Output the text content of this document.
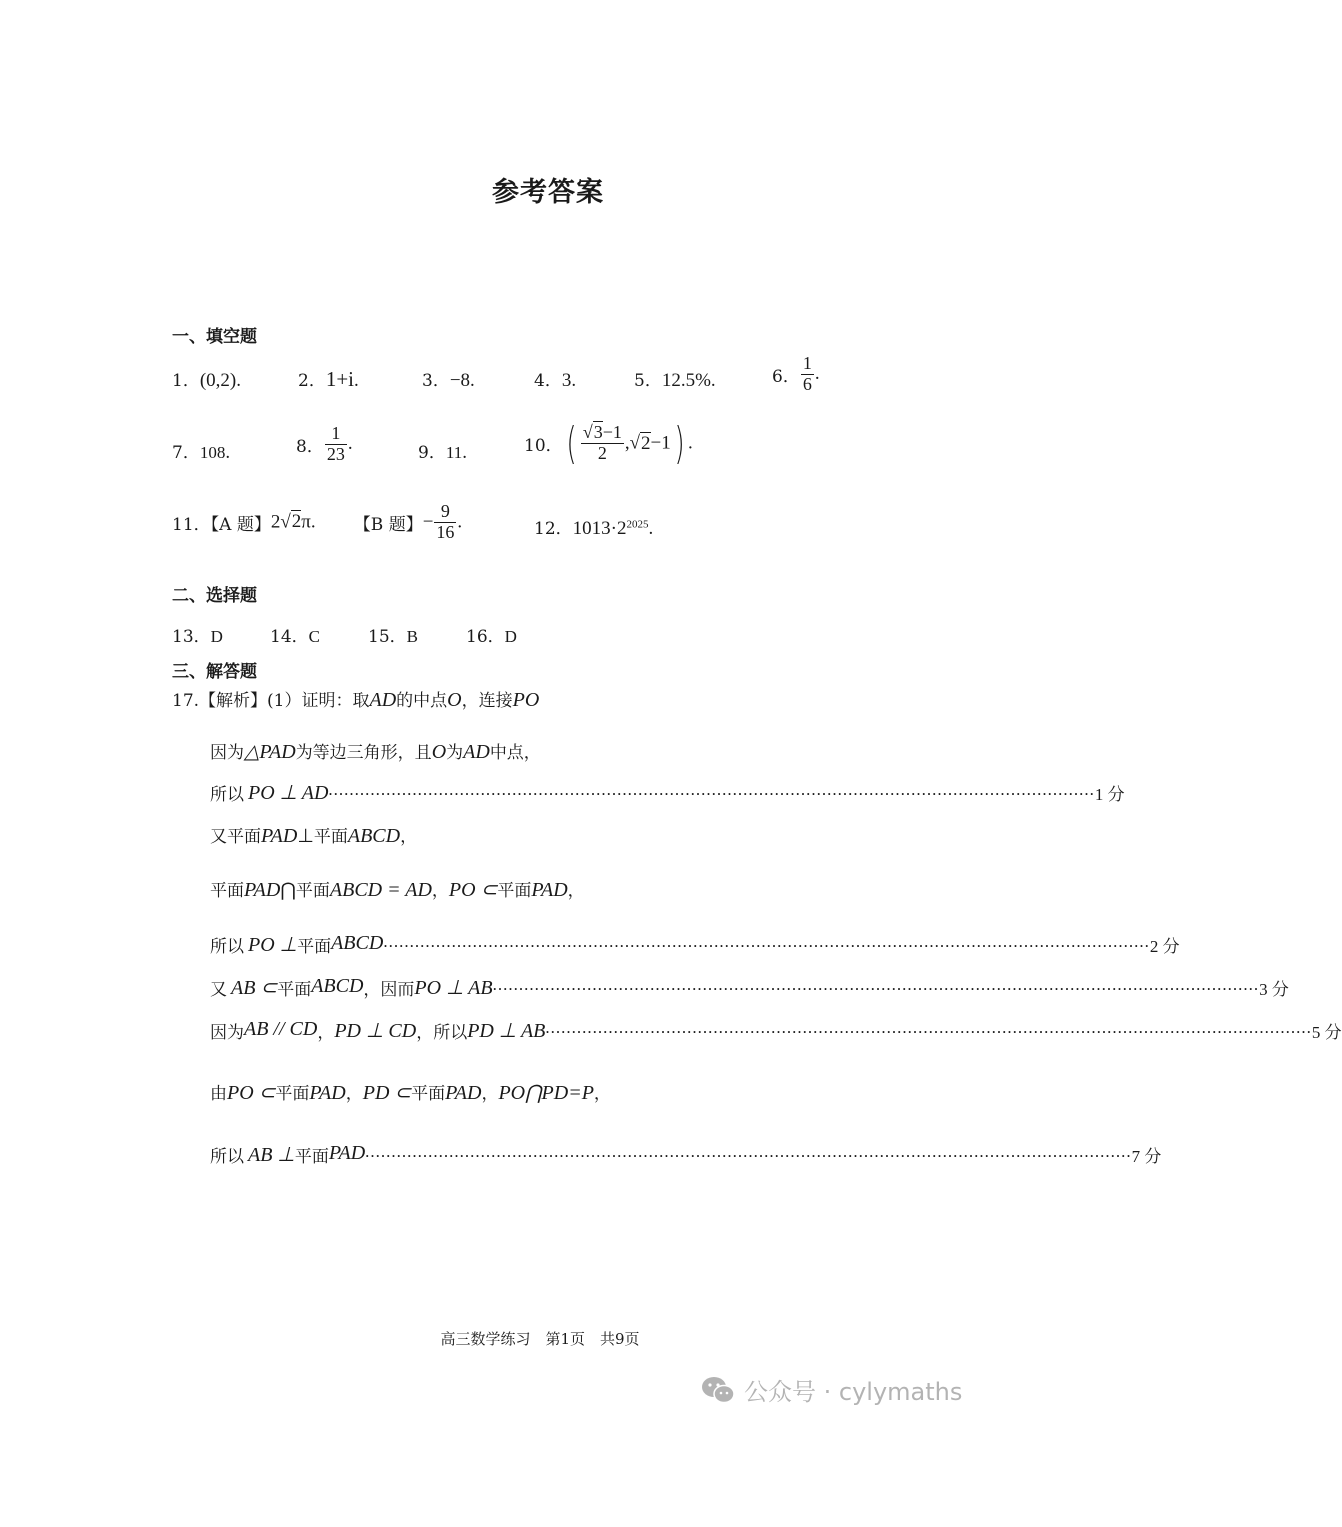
参考答案
一、填空题
1．(0,2).	2．1+i.	3．−8.	4．3.	5．12.5%.	6． $\frac{1}{6}$ .
7．108.	8． $\frac{1}{23}$ .	9．11.	10．( $\frac{√3-1}{2} ,√2-1$) .
11．【A 题】2√2π. 【B 题】− $\frac{9}{16}$ .	12．$1013\cdot 2^{2025}$.
二、选择题
13．D	14．C	15．B	16．D
三、解答题
17.【解析】(1）证明：取AD的中点O，连接PO
因为△PAD为等边三角形，且O为AD中点，
所以 PO ⊥ AD .................................................................................................................................................. 1 分
又平面PAD⊥平面ABCD，
平面PAD⋂平面ABCD = AD，PO ⊂平面PAD，
所以 PO ⊥ 平面 ABCD .................................................................................................................................................. 2 分
又 AB ⊂ 平面 ABCD ，因而 PO ⊥ AB .................................................................................................................................................. 3 分
因为 AB // CD ， PD ⊥ CD ，所以 PD ⊥ AB .................................................................................................................................................. 5 分
由PO ⊂平面PAD，PD ⊂平面PAD，PO⋂PD=P，
所以 AB ⊥ 平面 PAD .................................................................................................................................................. 7 分
高三数学练习　第1页　共9页
公众号 · cylymaths
